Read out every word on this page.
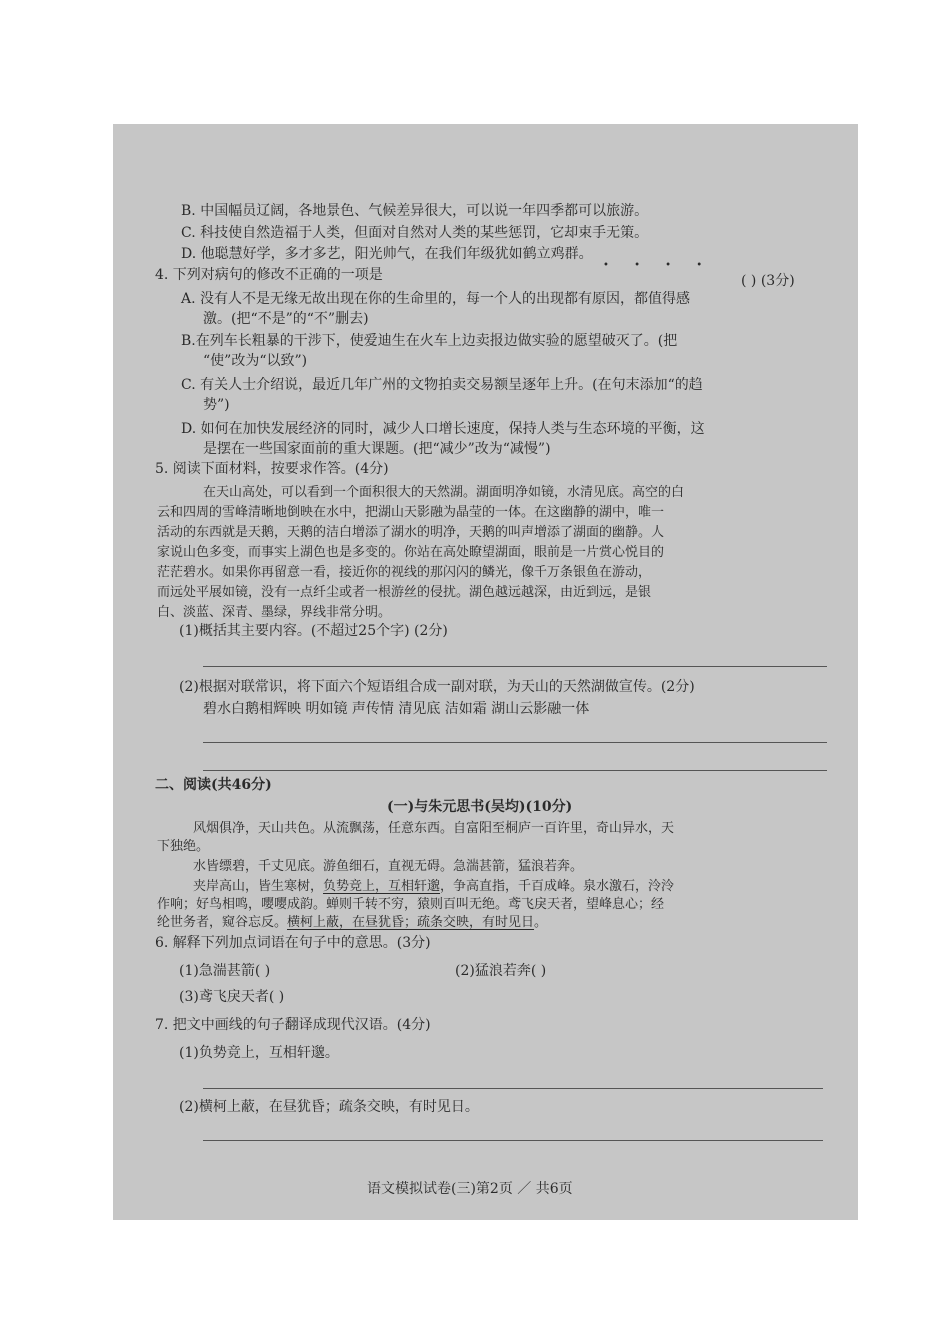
B. 中国幅员辽阔，各地景色、气候差异很大，可以说一年四季都可以旅游。
C. 科技使自然造福于人类，但面对自然对人类的某些惩罚，它却束手无策。
D. 他聪慧好学，多才多艺，阳光帅气，在我们年级犹如鹤立鸡群。
• • • •
4. 下列对病句的修改不正确的一项是	( ) (3分)
A. 没有人不是无缘无故出现在你的生命里的，每一个人的出现都有原因，都值得感
激。(把“不是”的“不”删去)
B.在列车长粗暴的干涉下，使爱迪生在火车上边卖报边做实验的愿望破灭了。(把
“使”改为“以致”)
C. 有关人士介绍说，最近几年广州的文物拍卖交易额呈逐年上升。(在句末添加“的趋
势”)
D. 如何在加快发展经济的同时，减少人口增长速度，保持人类与生态环境的平衡，这
是摆在一些国家面前的重大课题。(把“减少”改为“减慢”)
5. 阅读下面材料，按要求作答。(4分)
在天山高处，可以看到一个面积很大的天然湖。湖面明净如镜，水清见底。高空的白
云和四周的雪峰清晰地倒映在水中，把湖山天影融为晶莹的一体。在这幽静的湖中，唯一
活动的东西就是天鹅，天鹅的洁白增添了湖水的明净，天鹅的叫声增添了湖面的幽静。人
家说山色多变，而事实上湖色也是多变的。你站在高处瞭望湖面，眼前是一片赏心悦目的
茫茫碧水。如果你再留意一看，接近你的视线的那闪闪的鳞光，像千万条银鱼在游动，
而远处平展如镜，没有一点纤尘或者一根游丝的侵扰。湖色越远越深，由近到远，是银
白、淡蓝、深青、墨绿，界线非常分明。
(1)概括其主要内容。(不超过25个字) (2分)
(2)根据对联常识，将下面六个短语组合成一副对联，为天山的天然湖做宣传。(2分)
碧水白鹅相辉映 明如镜 声传情 清见底 洁如霜 湖山云影融一体
二、阅读(共46分)
(一)与朱元思书(吴均)(10分)
风烟俱净，天山共色。从流飘荡，任意东西。自富阳至桐庐一百许里，奇山异水，天
下独绝。
水皆缥碧，千丈见底。游鱼细石，直视无碍。急湍甚箭，猛浪若奔。
夹岸高山，皆生寒树，负势竞上，互相轩邈，争高直指，千百成峰。泉水激石，泠泠
作响；好鸟相鸣，嘤嘤成韵。蝉则千转不穷，猿则百叫无绝。鸢飞戾天者，望峰息心；经
纶世务者，窥谷忘反。横柯上蔽，在昼犹昏；疏条交映，有时见日。
6. 解释下列加点词语在句子中的意思。(3分)
(1)急湍甚箭( )	(2)猛浪若奔( )
(3)鸢飞戾天者( )
7. 把文中画线的句子翻译成现代汉语。(4分)
(1)负势竞上，互相轩邈。
(2)横柯上蔽，在昼犹昏；疏条交映，有时见日。
语文模拟试卷(三)第2页 ／ 共6页
